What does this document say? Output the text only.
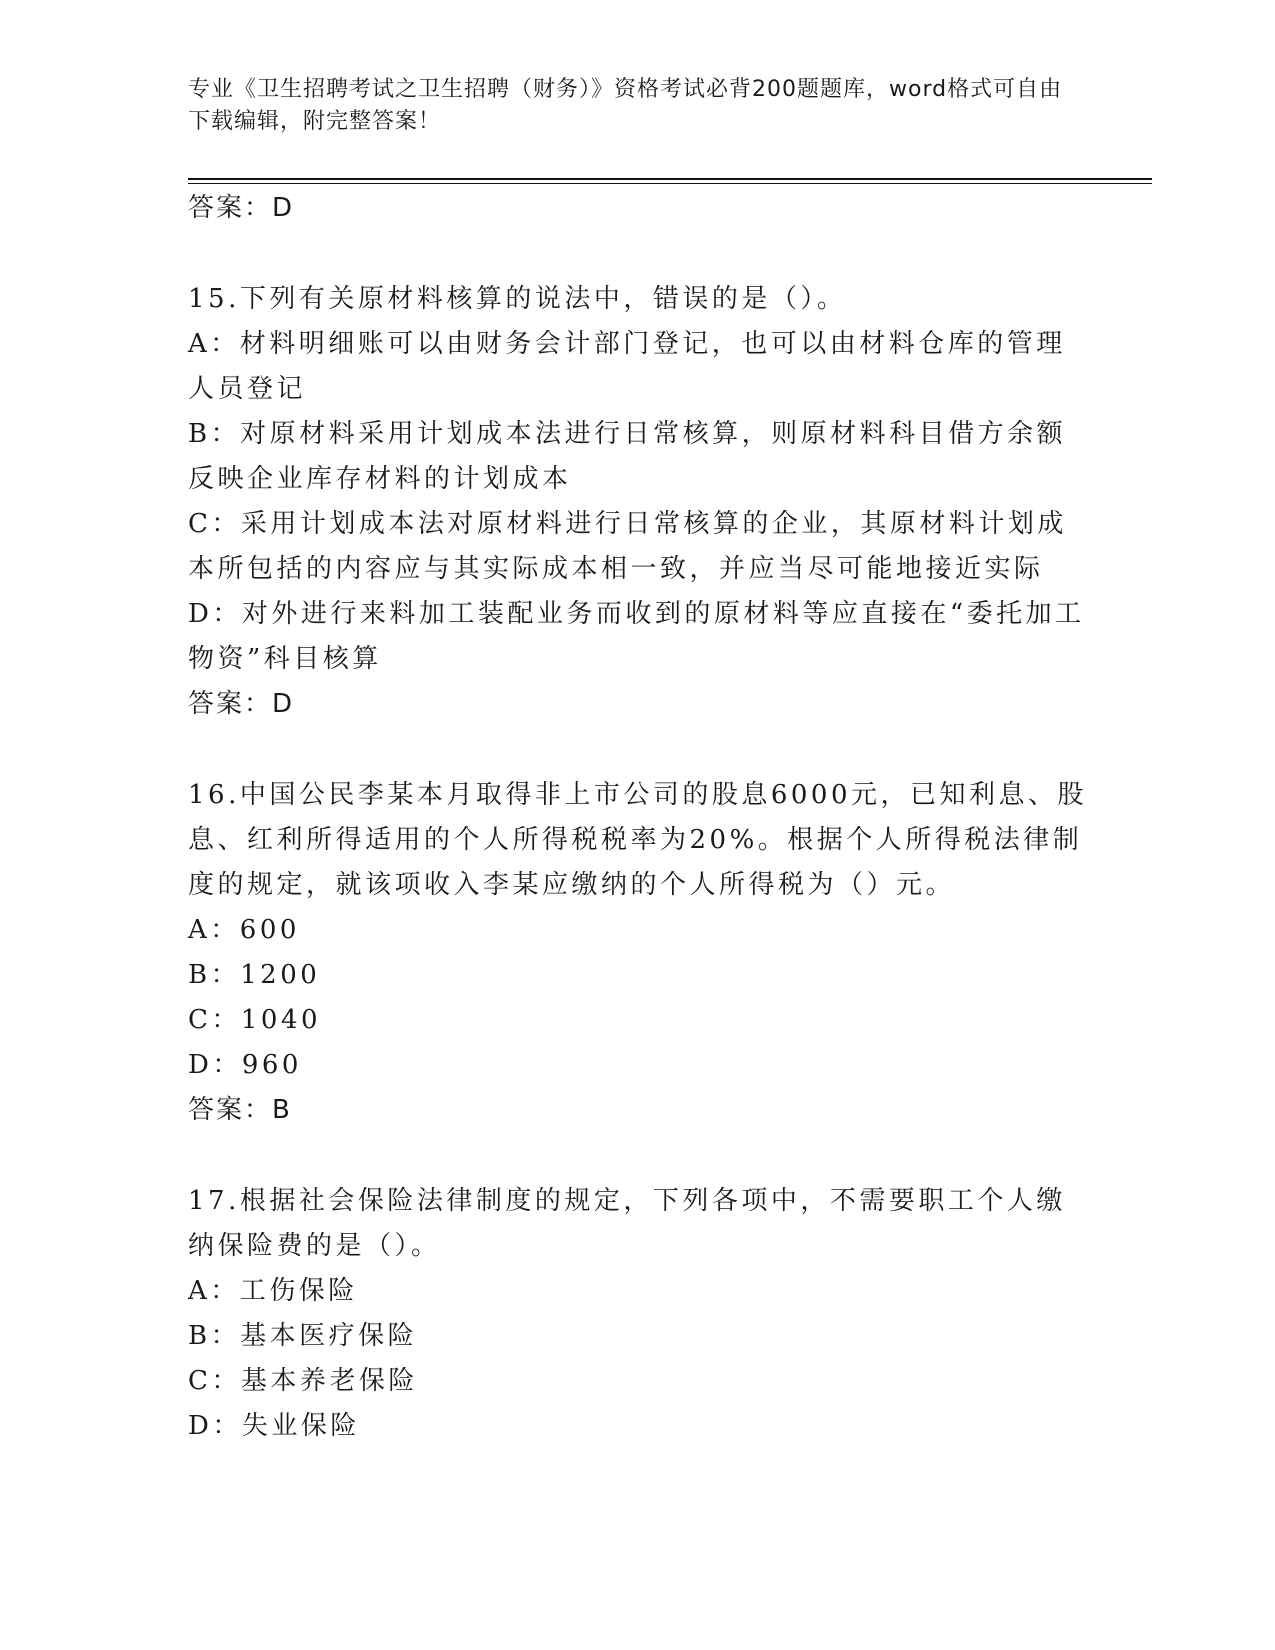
专业《卫生招聘考试之卫生招聘（财务）》资格考试必背200题题库，word格式可自由下载编辑，附完整答案！

答案：D

15.下列有关原材料核算的说法中，错误的是（）。

A：材料明细账可以由财务会计部门登记，也可以由材料仓库的管理人员登记

B：对原材料采用计划成本法进行日常核算，则原材料科目借方余额反映企业库存材料的计划成本

C：采用计划成本法对原材料进行日常核算的企业，其原材料计划成本所包括的内容应与其实际成本相一致，并应当尽可能地接近实际

D：对外进行来料加工装配业务而收到的原材料等应直接在“委托加工物资”科目核算

答案：D

16.中国公民李某本月取得非上市公司的股息6000元，已知利息、股息、红利所得适用的个人所得税税率为20%。根据个人所得税法律制度的规定，就该项收入李某应缴纳的个人所得税为（）元。

A：600

B：1200

C：1040

D：960

答案：B

17.根据社会保险法律制度的规定，下列各项中，不需要职工个人缴纳保险费的是（）。

A：工伤保险

B：基本医疗保险

C：基本养老保险

D：失业保险
